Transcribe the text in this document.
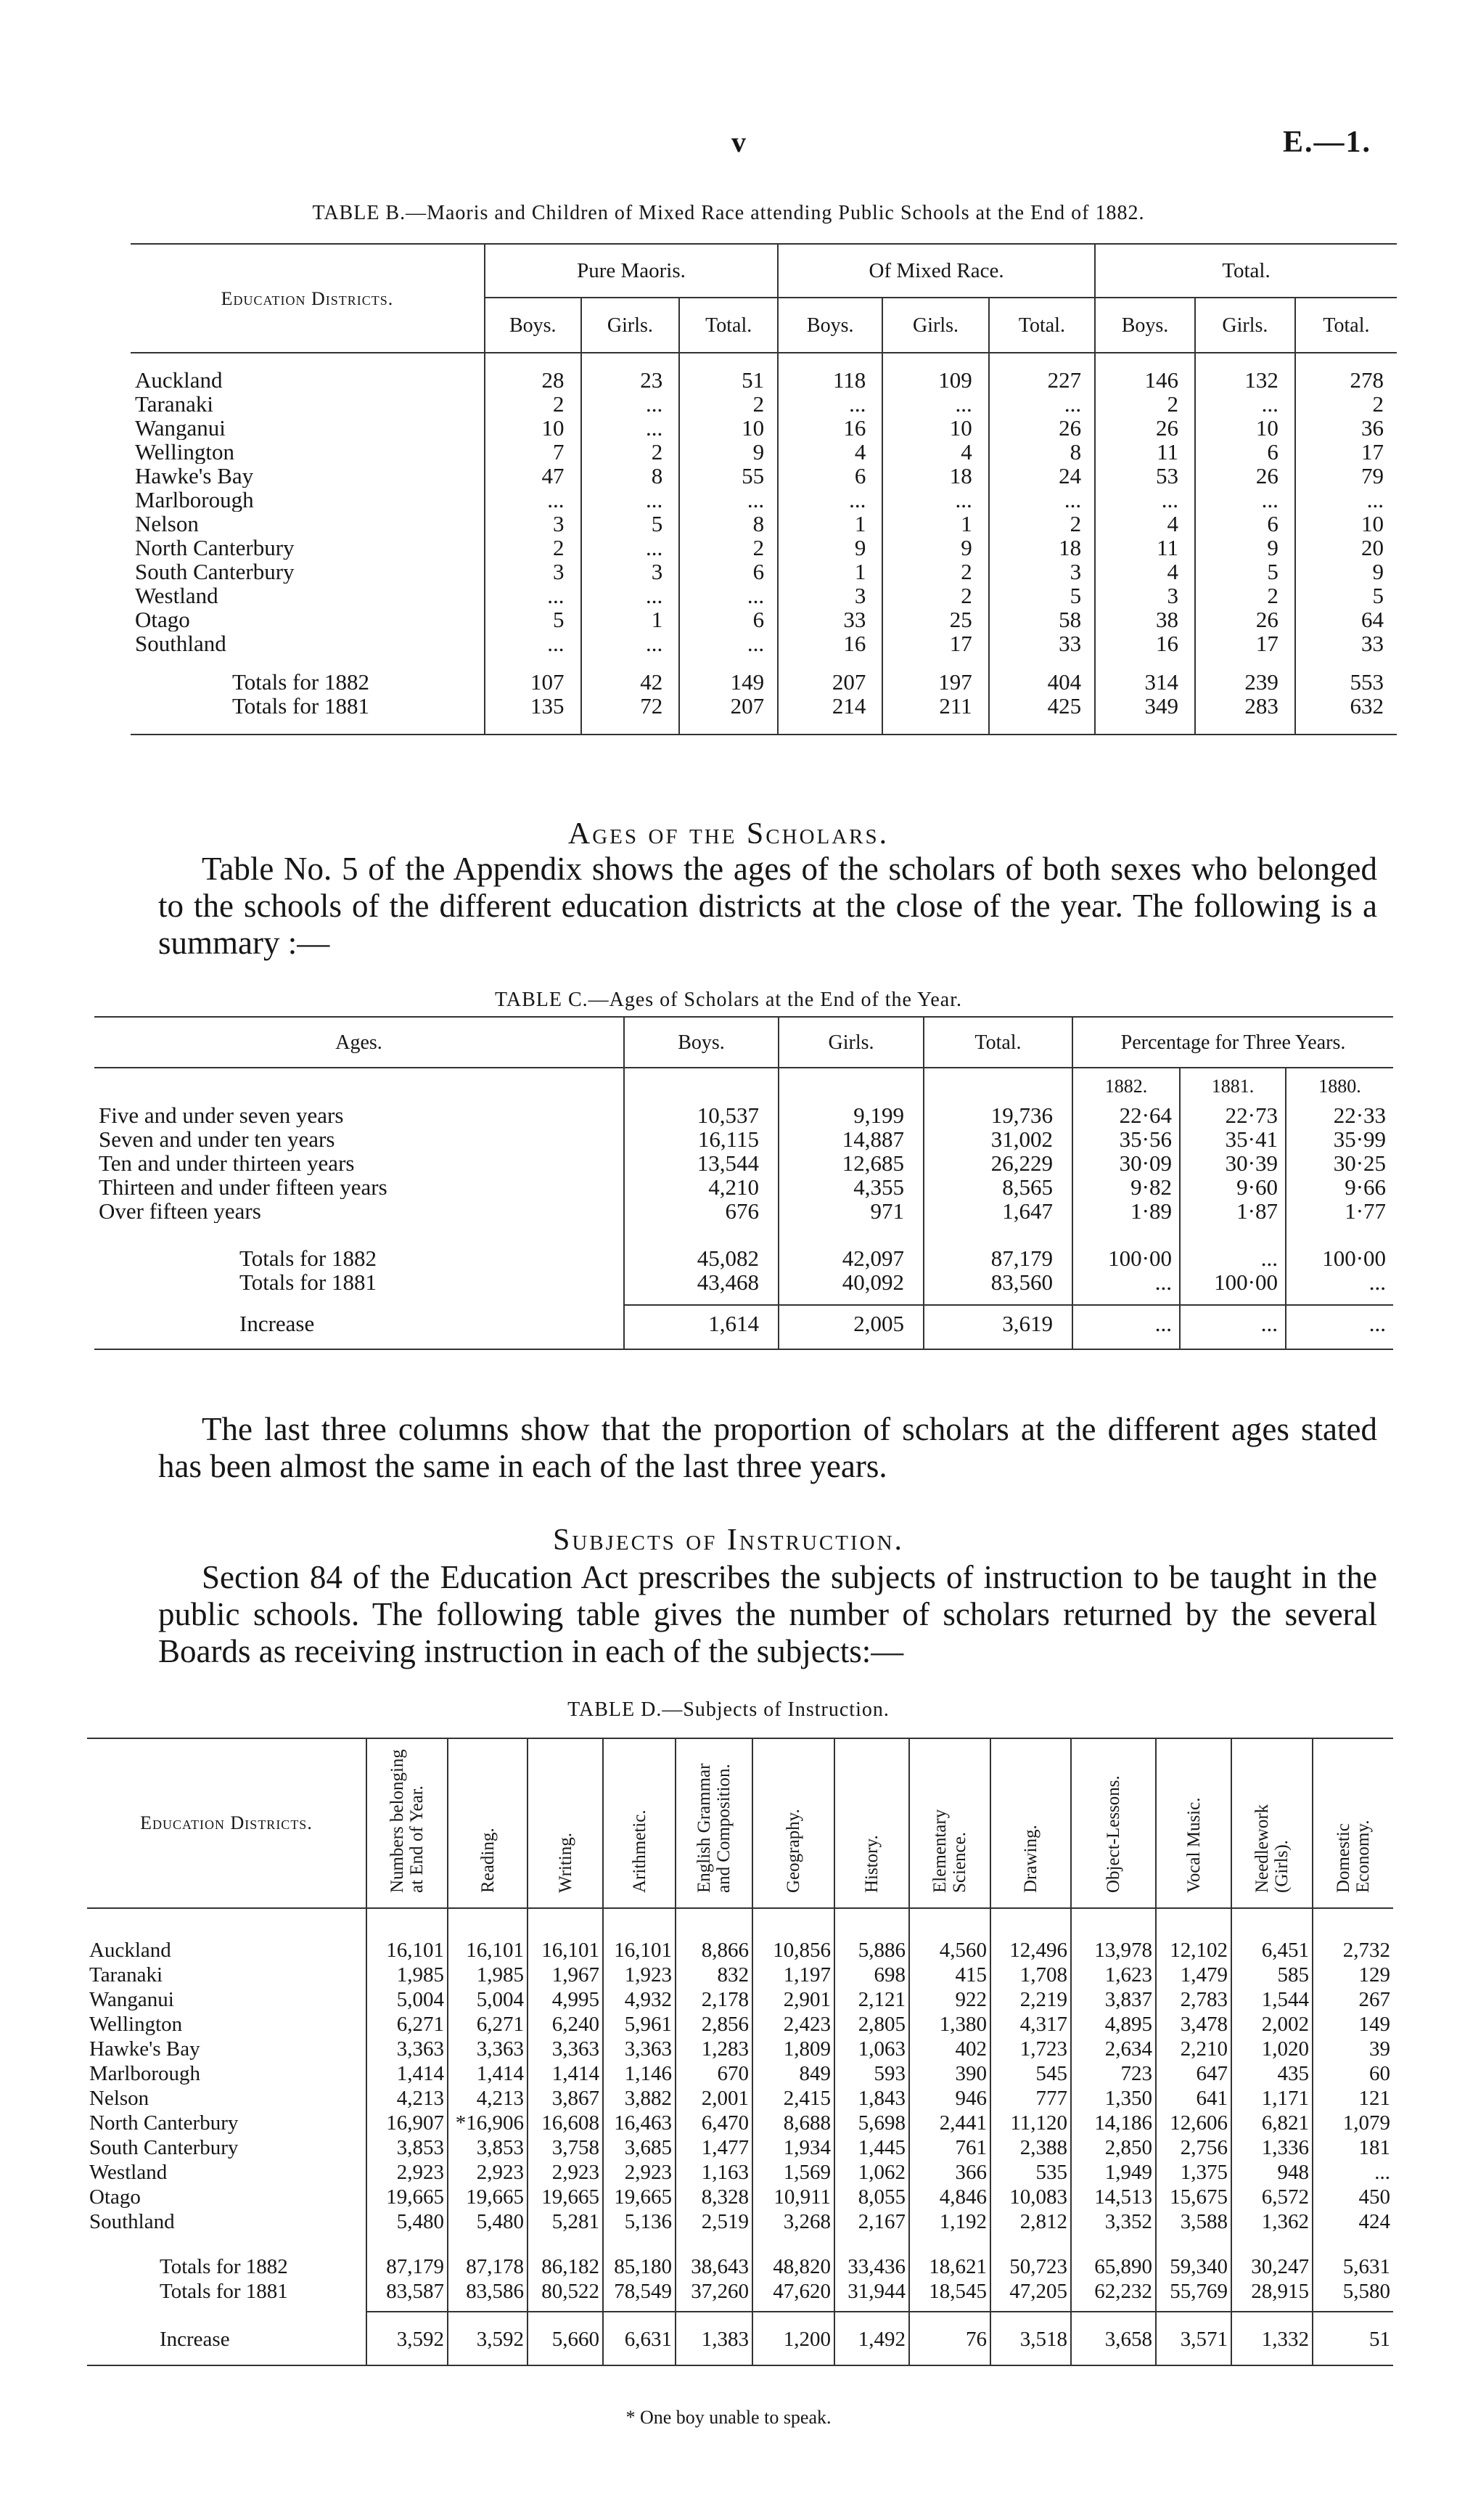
v	E.—1.
TABLE B.—Maoris and Children of Mixed Race attending Public Schools at the End of 1882.
Education Districts.	Pure Maoris.			Of Mixed Race.			Total.		
	Boys.	Girls.	Total.	Boys.	Girls.	Total.	Boys.	Girls.	Total.

Auckland	28	23	51	118	109	227	146	132	278
Taranaki	2	...	2	...	...	...	2	...	2
Wanganui	10	...	10	16	10	26	26	10	36
Wellington	7	2	9	4	4	8	11	6	17
Hawke's Bay	47	8	55	6	18	24	53	26	79
Marlborough	...	...	...	...	...	...	...	...	...
Nelson	3	5	8	1	1	2	4	6	10
North Canterbury	2	...	2	9	9	18	11	9	20
South Canterbury	3	3	6	1	2	3	4	5	9
Westland	...	...	...	3	2	5	3	2	5
Otago	5	1	6	33	25	58	38	26	64
Southland	...	...	...	16	17	33	16	17	33

Totals for 1882	107	42	149	207	197	404	314	239	553
Totals for 1881	135	72	207	214	211	425	349	283	632

Ages of the Scholars.
Table No. 5 of the Appendix shows the ages of the scholars of both sexes who belonged to the schools of the different education districts at the close of the year. The following is a summary :—
TABLE C.—Ages of Scholars at the End of the Year.
Ages.	Boys.	Girls.	Total.	Percentage for Three Years.		
				1882.	1881.	1880.
Five and under seven years	10,537	9,199	19,736	22·64	22·73	22·33
Seven and under ten years	16,115	14,887	31,002	35·56	35·41	35·99
Ten and under thirteen years	13,544	12,685	26,229	30·09	30·39	30·25
Thirteen and under fifteen years	4,210	4,355	8,565	9·82	9·60	9·66
Over fifteen years	676	971	1,647	1·89	1·87	1·77

Totals for 1882	45,082	42,097	87,179	100·00	...	100·00
Totals for 1881	43,468	40,092	83,560	...	100·00	...

Increase	1,614	2,005	3,619	...	...	...

The last three columns show that the proportion of scholars at the different ages stated has been almost the same in each of the last three years.
Subjects of Instruction.
Section 84 of the Education Act prescribes the subjects of instruction to be taught in the public schools. The following table gives the number of scholars returned by the several Boards as receiving instruction in each of the subjects:—
TABLE D.—Subjects of Instruction.
Education Districts.	Numbers belonging at End of Year.	Reading.	Writing.	Arithmetic.	English Grammar and Composition.	Geography.	History.	Elementary Science.	Drawing.	Object-Lessons.	Vocal Music.	Needlework (Girls).	Domestic Economy.

Auckland	16,101	16,101	16,101	16,101	8,866	10,856	5,886	4,560	12,496	13,978	12,102	6,451	2,732
Taranaki	1,985	1,985	1,967	1,923	832	1,197	698	415	1,708	1,623	1,479	585	129
Wanganui	5,004	5,004	4,995	4,932	2,178	2,901	2,121	922	2,219	3,837	2,783	1,544	267
Wellington	6,271	6,271	6,240	5,961	2,856	2,423	2,805	1,380	4,317	4,895	3,478	2,002	149
Hawke's Bay	3,363	3,363	3,363	3,363	1,283	1,809	1,063	402	1,723	2,634	2,210	1,020	39
Marlborough	1,414	1,414	1,414	1,146	670	849	593	390	545	723	647	435	60
Nelson	4,213	4,213	3,867	3,882	2,001	2,415	1,843	946	777	1,350	641	1,171	121
North Canterbury	16,907	*16,906	16,608	16,463	6,470	8,688	5,698	2,441	11,120	14,186	12,606	6,821	1,079
South Canterbury	3,853	3,853	3,758	3,685	1,477	1,934	1,445	761	2,388	2,850	2,756	1,336	181
Westland	2,923	2,923	2,923	2,923	1,163	1,569	1,062	366	535	1,949	1,375	948	...
Otago	19,665	19,665	19,665	19,665	8,328	10,911	8,055	4,846	10,083	14,513	15,675	6,572	450
Southland	5,480	5,480	5,281	5,136	2,519	3,268	2,167	1,192	2,812	3,352	3,588	1,362	424

Totals for 1882	87,179	87,178	86,182	85,180	38,643	48,820	33,436	18,621	50,723	65,890	59,340	30,247	5,631
Totals for 1881	83,587	83,586	80,522	78,549	37,260	47,620	31,944	18,545	47,205	62,232	55,769	28,915	5,580

Increase	3,592	3,592	5,660	6,631	1,383	1,200	1,492	76	3,518	3,658	3,571	1,332	51

* One boy unable to speak.
